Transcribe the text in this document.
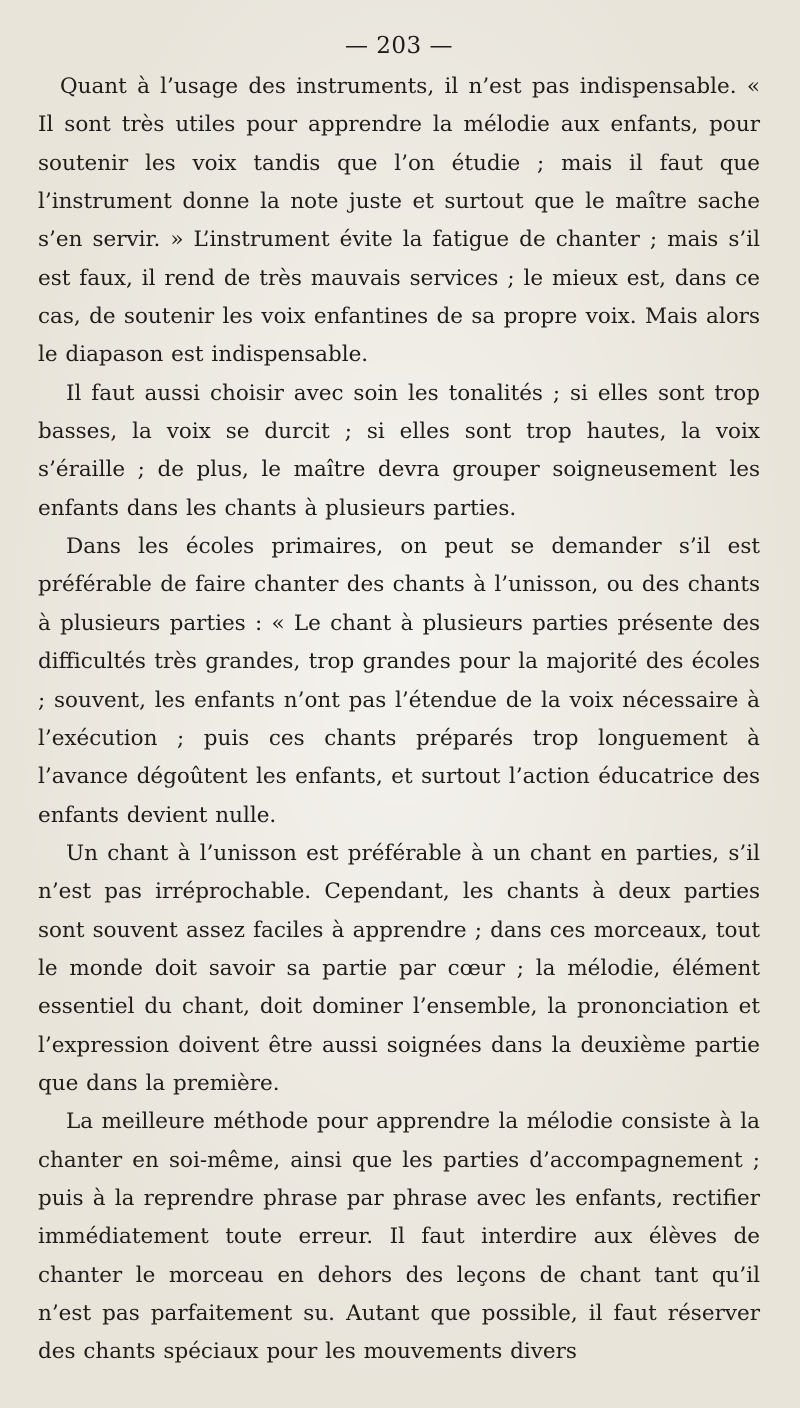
— 203 —

Quant à l’usage des instruments, il n’est pas indispensable. « Il sont très utiles pour apprendre la mélodie aux enfants, pour soutenir les voix tandis que l’on étudie ; mais il faut que l’instrument donne la note juste et surtout que le maître sache s’en servir. » L’instrument évite la fatigue de chanter ; mais s’il est faux, il rend de très mauvais services ; le mieux est, dans ce cas, de soutenir les voix enfantines de sa propre voix. Mais alors le diapason est indispensable.

Il faut aussi choisir avec soin les tonalités ; si elles sont trop basses, la voix se durcit ; si elles sont trop hautes, la voix s’éraille ; de plus, le maître devra grouper soigneusement les enfants dans les chants à plusieurs parties.

Dans les écoles primaires, on peut se demander s’il est préférable de faire chanter des chants à l’unisson, ou des chants à plusieurs parties : « Le chant à plusieurs parties présente des difficultés très grandes, trop grandes pour la majorité des écoles ; souvent, les enfants n’ont pas l’étendue de la voix nécessaire à l’exécution ; puis ces chants préparés trop longuement à l’avance dégoûtent les enfants, et surtout l’action éducatrice des enfants devient nulle.

Un chant à l’unisson est préférable à un chant en parties, s’il n’est pas irréprochable. Cependant, les chants à deux parties sont souvent assez faciles à apprendre ; dans ces morceaux, tout le monde doit savoir sa partie par cœur ; la mélodie, élément essentiel du chant, doit dominer l’ensemble, la prononciation et l’expression doivent être aussi soignées dans la deuxième partie que dans la première.

La meilleure méthode pour apprendre la mélodie consiste à la chanter en soi-même, ainsi que les parties d’accompagnement ; puis à la reprendre phrase par phrase avec les enfants, rectifier immédiatement toute erreur. Il faut interdire aux élèves de chanter le morceau en dehors des leçons de chant tant qu’il n’est pas parfaitement su. Autant que possible, il faut réserver des chants spéciaux pour les mouvements divers
